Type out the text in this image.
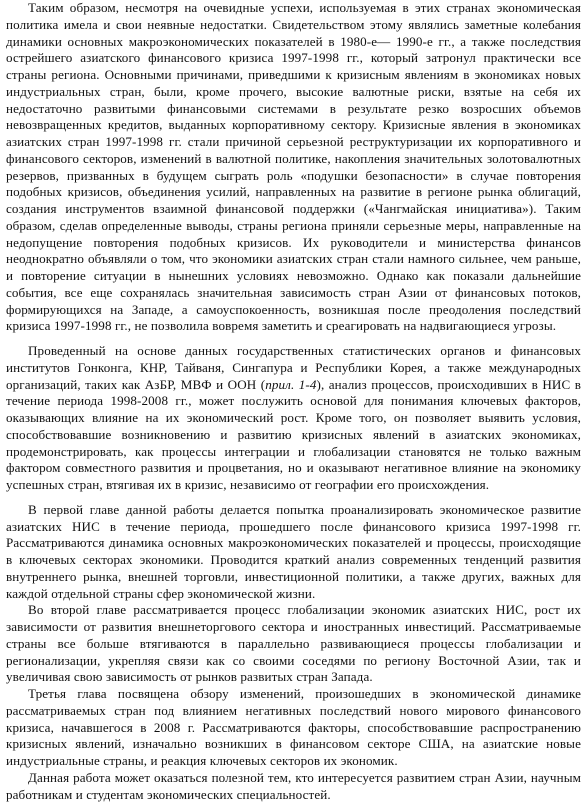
Таким образом, несмотря на очевидные успехи, используемая в этих странах экономическая политика имела и свои неявные недостатки. Свидетельством этому являлись заметные колебания динамики основных макроэкономических показателей в 1980-е— 1990-е гг., а также последствия острейшего азиатского финансового кризиса 1997-1998 гг., который затронул практически все страны региона. Основными причинами, приведшими к кризисным явлениям в экономиках новых индустриальных стран, были, кроме прочего, высокие валютные риски, взятые на себя их недостаточно развитыми финансовыми системами в результате резко возросших объемов невозвращенных кредитов, выданных корпоративному сектору. Кризисные явления в экономиках азиатских стран 1997-1998 гг. стали причиной серьезной реструктуризации их корпоративного и финансового секторов, изменений в валютной политике, накопления значительных золотовалютных резервов, призванных в будущем сыграть роль «подушки безопасности» в случае повторения подобных кризисов, объединения усилий, направленных на развитие в регионе рынка облигаций, создания инструментов взаимной финансовой поддержки («Чангмайская инициатива»). Таким образом, сделав определенные выводы, страны региона приняли серьезные меры, направленные на недопущение повторения подобных кризисов. Их руководители и министерства финансов неоднократно объявляли о том, что экономики азиатских стран стали намного сильнее, чем раньше, и повторение ситуации в нынешних условиях невозможно. Однако как показали дальнейшие события, все еще сохранялась значительная зависимость стран Азии от финансовых потоков, формирующихся на Западе, а самоуспокоенность, возникшая после преодоления последствий кризиса 1997-1998 гг., не позволила вовремя заметить и среагировать на надвигающиеся угрозы.

Проведенный на основе данных государственных статистических органов и финансовых институтов Гонконга, КНР, Тайваня, Сингапура и Республики Корея, а также международных организаций, таких как АзБР, МВФ и ООН (прил. 1-4), анализ процессов, происходивших в НИС в течение периода 1998-2008 гг., может послужить основой для понимания ключевых факторов, оказывающих влияние на их экономический рост. Кроме того, он позволяет выявить условия, способствовавшие возникновению и развитию кризисных явлений в азиатских экономиках, продемонстрировать, как процессы интеграции и глобализации становятся не только важным фактором совместного развития и процветания, но и оказывают негативное влияние на экономику успешных стран, втягивая их в кризис, независимо от географии его происхождения.

В первой главе данной работы делается попытка проанализировать экономическое развитие азиатских НИС в течение периода, прошедшего после финансового кризиса 1997-1998 гг. Рассматриваются динамика основных макроэкономических показателей и процессы, происходящие в ключевых секторах экономики. Проводится краткий анализ современных тенденций развития внутреннего рынка, внешней торговли, инвестиционной политики, а также других, важных для каждой отдельной страны сфер экономической жизни.

Во второй главе рассматривается процесс глобализации экономик азиатских НИС, рост их зависимости от развития внешнеторгового сектора и иностранных инвестиций. Рассматриваемые страны все больше втягиваются в параллельно развивающиеся процессы глобализации и регионализации, укрепляя связи как со своими соседями по региону Восточной Азии, так и увеличивая свою зависимость от рынков развитых стран Запада.

Третья глава посвящена обзору изменений, произошедших в экономической динамике рассматриваемых стран под влиянием негативных последствий нового мирового финансового кризиса, начавшегося в 2008 г. Рассматриваются факторы, способствовавшие распространению кризисных явлений, изначально возникших в финансовом секторе США, на азиатские новые индустриальные страны, и реакция ключевых секторов их экономик.

Данная работа может оказаться полезной тем, кто интересуется развитием стран Азии, научным работникам и студентам экономических специальностей.
